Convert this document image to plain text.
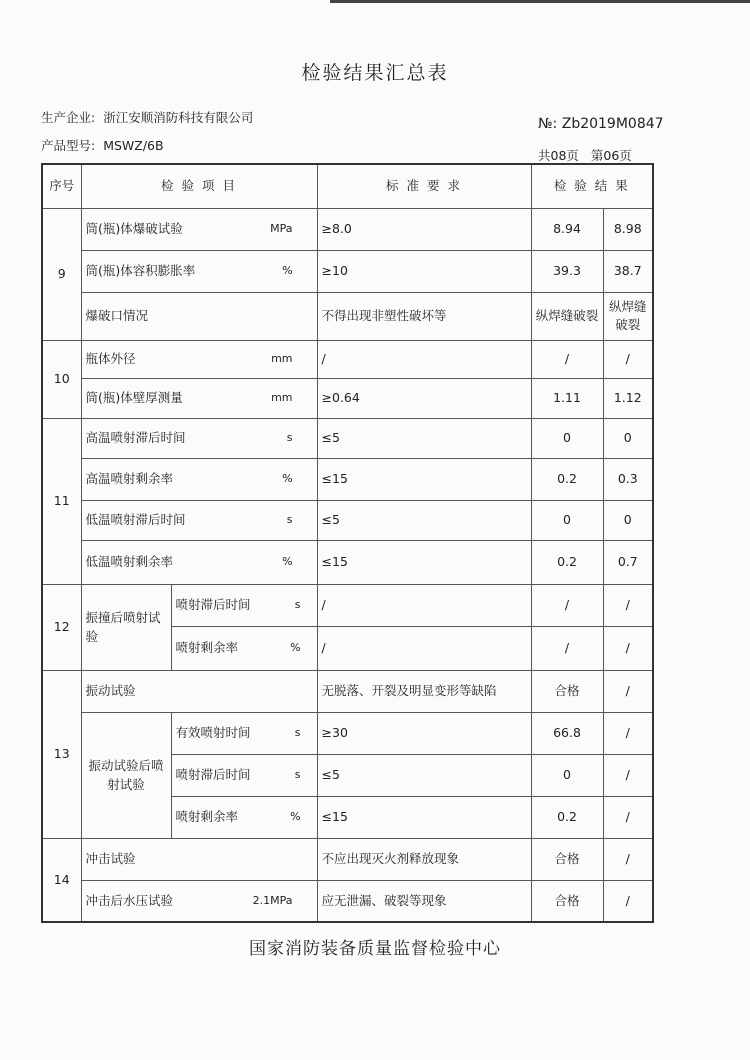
检验结果汇总表
生产企业: 浙江安顺消防科技有限公司
产品型号: MSWZ/6B
№: Zb2019M0847
共08页 第06页
序号	检 验 项 目		标 准 要 求	检 验 结 果	
9	筒(瓶)体爆破试验 MPa		≥8.0	8.94	8.98
	筒(瓶)体容积膨胀率 %		≥10	39.3	38.7
	爆破口情况		不得出现非塑性破坏等	纵焊缝破裂	纵焊缝破裂
10	瓶体外径 mm		/	/	/
	筒(瓶)体壁厚测量 mm		≥0.64	1.11	1.12
11	高温喷射滞后时间 s		≤5	0	0
	高温喷射剩余率 %		≤15	0.2	0.3
	低温喷射滞后时间 s		≤5	0	0
	低温喷射剩余率 %		≤15	0.2	0.7
12	振撞后喷射试验	喷射滞后时间 s	/	/	/
		喷射剩余率 %	/	/	/
13	振动试验		无脱落、开裂及明显变形等缺陷	合格	/
	振动试验后喷射试验	有效喷射时间 s	≥30	66.8	/
		喷射滞后时间 s	≤5	0	/
		喷射剩余率 %	≤15	0.2	/
14	冲击试验		不应出现灭火剂释放现象	合格	/
	冲击后水压试验 2.1MPa		应无泄漏、破裂等现象	合格	/
国家消防装备质量监督检验中心
